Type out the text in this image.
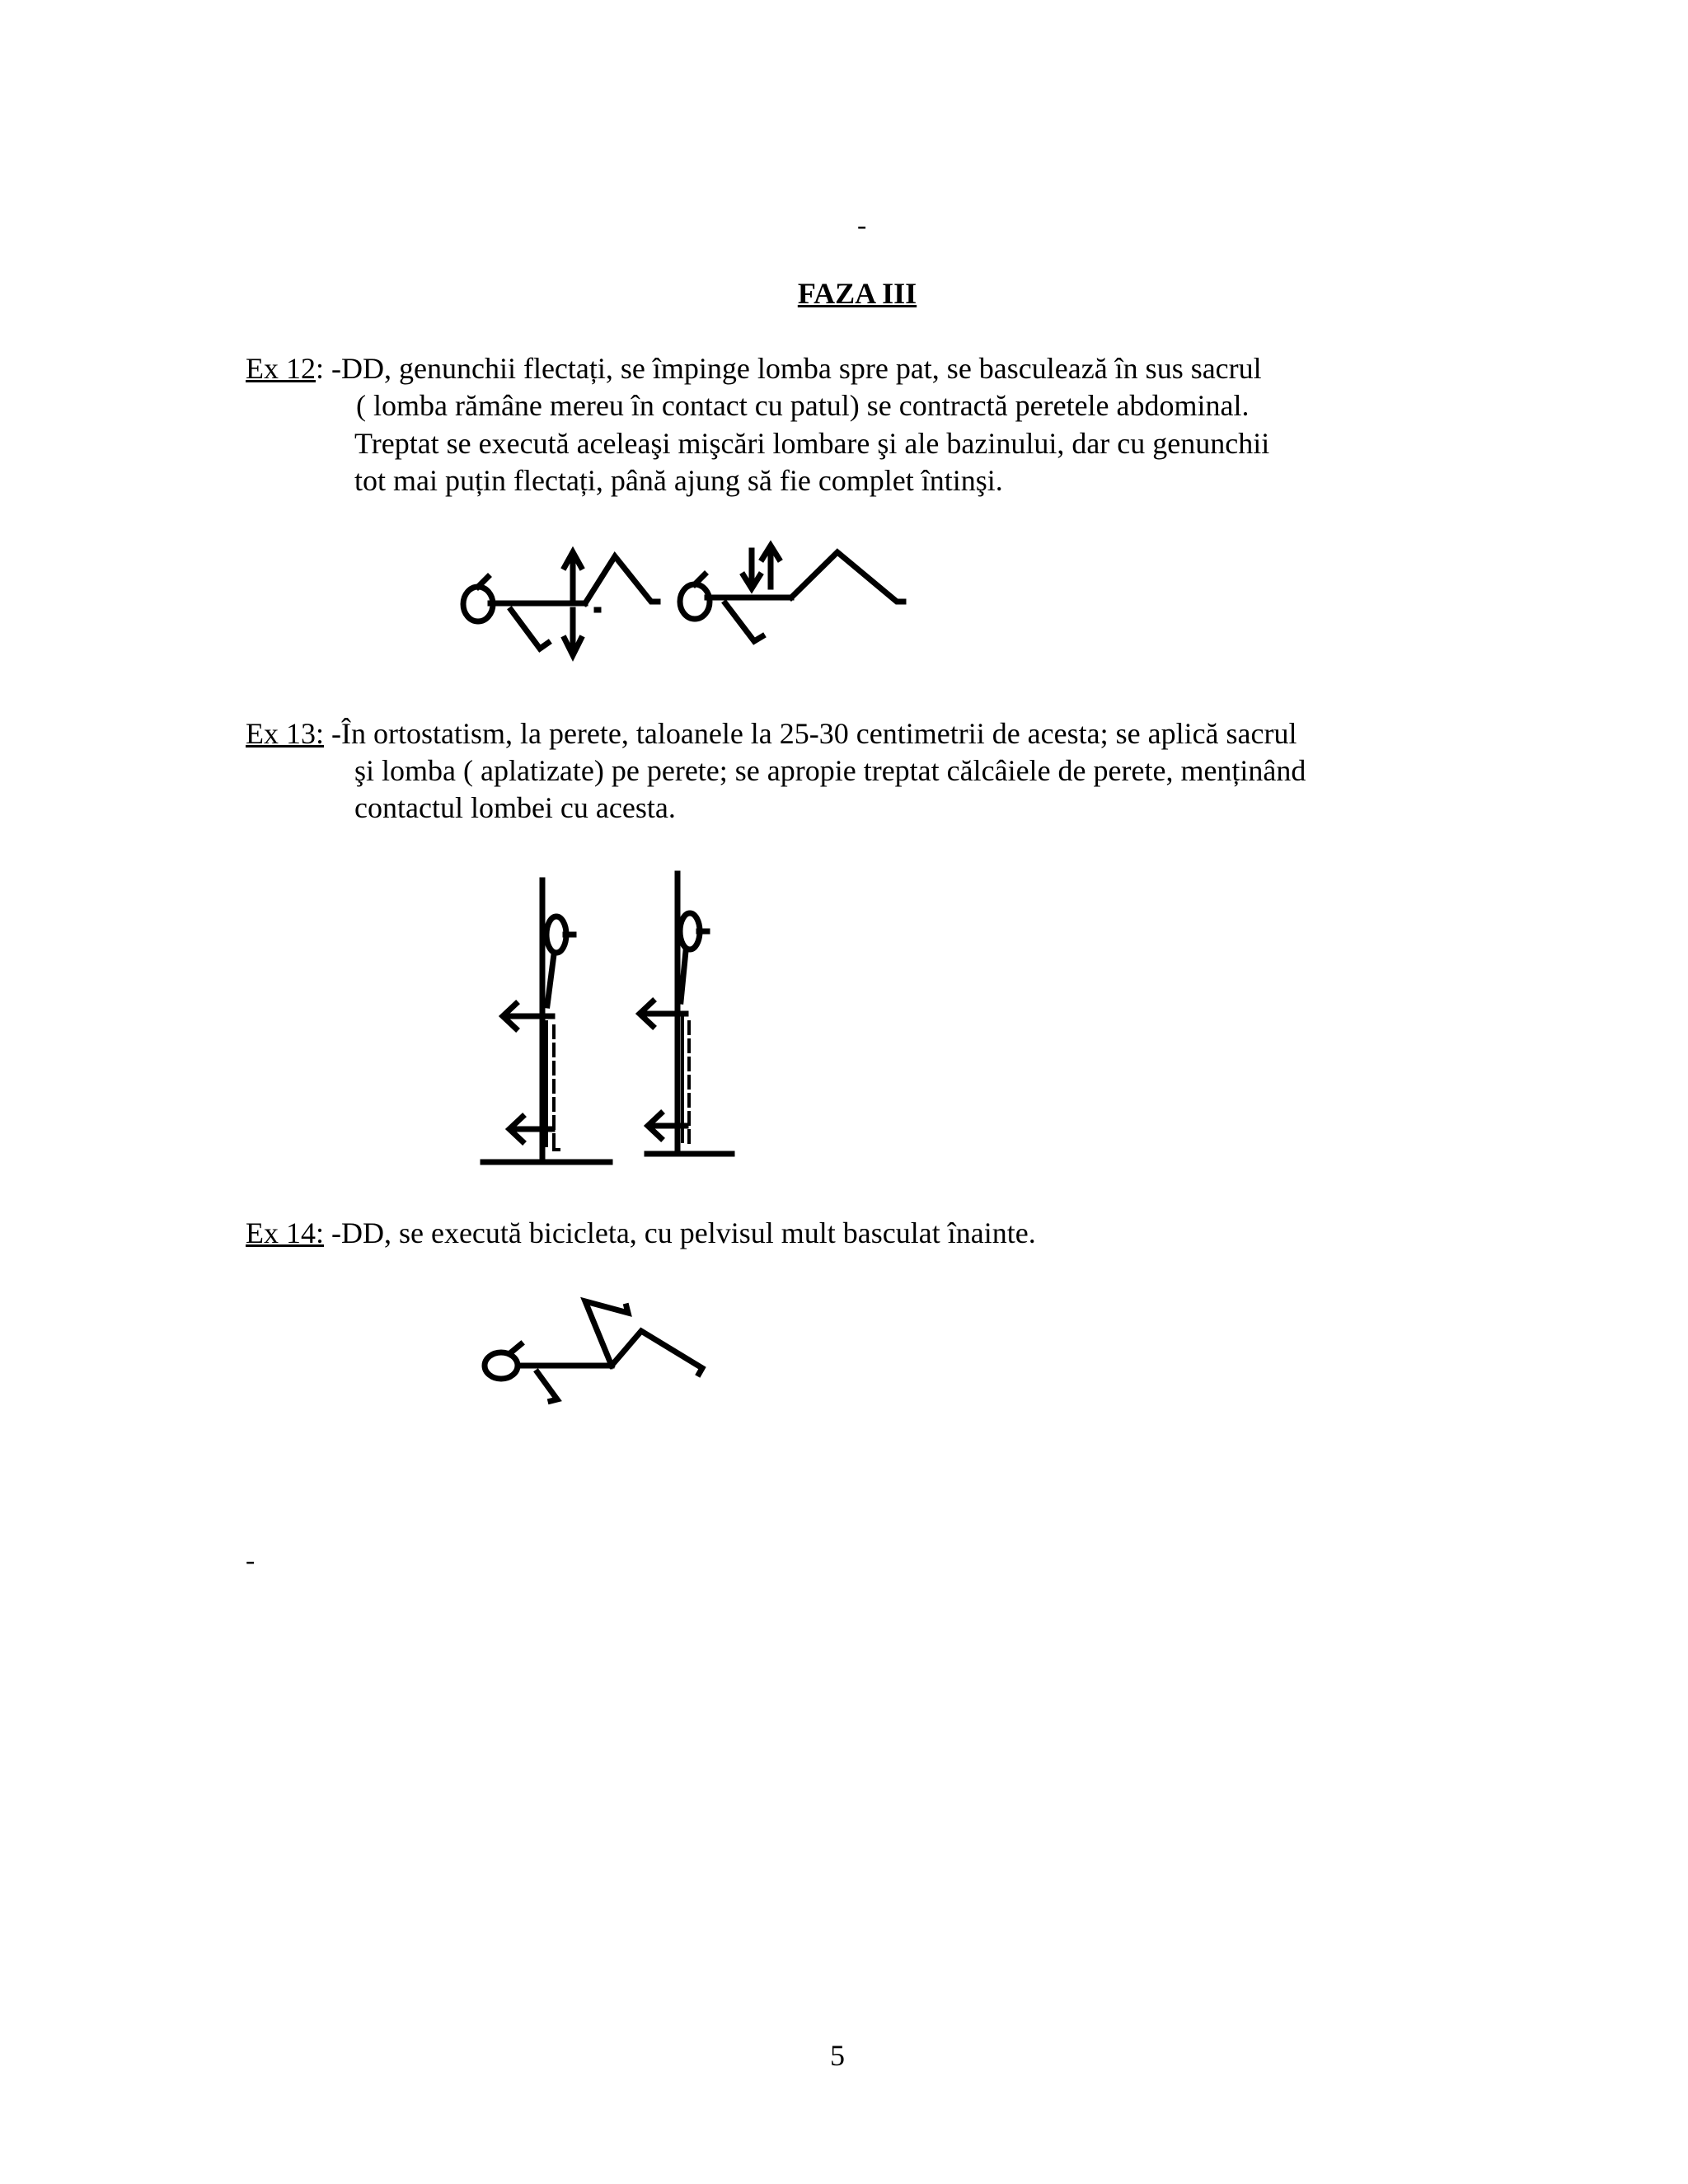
-
FAZA III
Ex 12: -DD, genunchii flectați, se împinge lomba spre pat, se basculează în sus sacrul
( lomba rămâne mereu în contact cu patul) se contractă peretele abdominal.
Treptat se execută aceleaşi mişcări lombare şi ale bazinului, dar cu genunchii
tot mai puțin flectați, până ajung să fie complet întinşi.
Ex 13: -În ortostatism, la perete, taloanele la 25-30 centimetrii de acesta; se aplică sacrul
şi lomba ( aplatizate) pe perete; se apropie treptat călcâiele de perete, menținând
contactul lombei cu acesta.
Ex 14: -DD, se execută bicicleta, cu pelvisul mult basculat înainte.
-
5
